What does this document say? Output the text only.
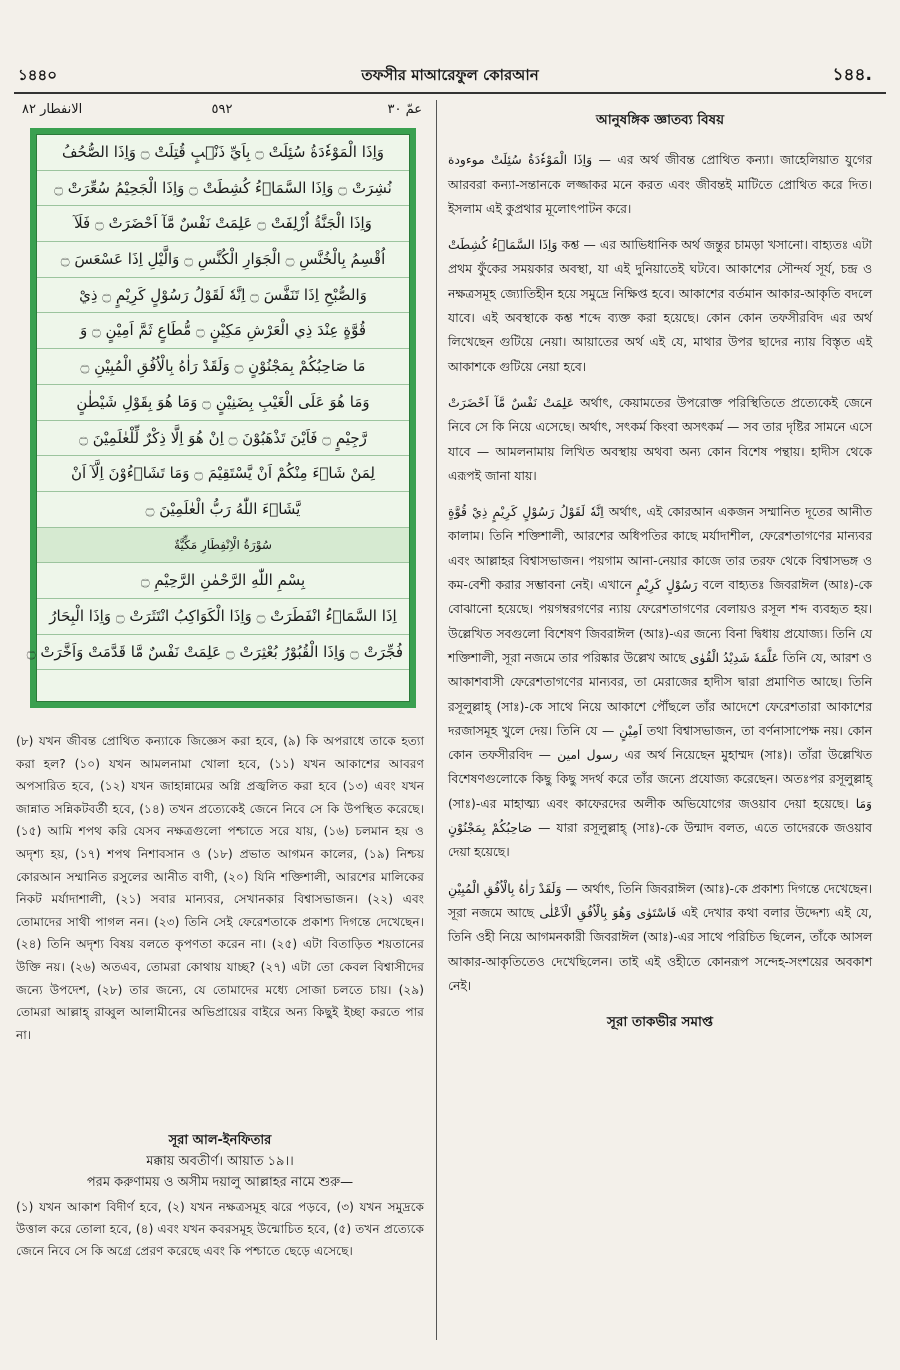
১৪৪০	তফসীর মাআরেফুল কোরআন	১৪৪.
الانفطار ٨٢	٥٩٢	عمّ ٣٠
وَاِذَا الْمَوْءٗدَةُ سُئِلَتْ ۝ بِاَيِّ ذَنْۢبٍ قُتِلَتْ ۝ وَاِذَا الصُّحُفُ
نُشِرَتْ ۝ وَاِذَا السَّمَاۗءُ كُشِطَتْ ۝ وَاِذَا الْجَحِيْمُ سُعِّرَتْ ۝
وَاِذَا الْجَنَّةُ اُزْلِفَتْ ۝ عَلِمَتْ نَفْسٌ مَّآ اَحْضَرَتْ ۝ فَلَآ
اُقْسِمُ بِالْخُنَّسِ ۝ الْجَوَارِ الْكُنَّسِ ۝ وَالَّيْلِ اِذَا عَسْعَسَ ۝
وَالصُّبْحِ اِذَا تَنَفَّسَ ۝ اِنَّهٗ لَقَوْلُ رَسُوْلٍ كَرِيْمٍ ۝ ذِيْ
قُوَّةٍ عِنْدَ ذِي الْعَرْشِ مَكِيْنٍ ۝ مُّطَاعٍ ثَمَّ اَمِيْنٍ ۝ وَ
مَا صَاحِبُكُمْ بِمَجْنُوْنٍ ۝ وَلَقَدْ رَاٰهُ بِالْاُفُقِ الْمُبِيْنِ ۝
وَمَا هُوَ عَلَى الْغَيْبِ بِضَنِيْنٍ ۝ وَمَا هُوَ بِقَوْلِ شَيْطٰنٍ
رَّجِيْمٍ ۝ فَاَيْنَ تَذْهَبُوْنَ ۝ اِنْ هُوَ اِلَّا ذِكْرٌ لِّلْعٰلَمِيْنَ ۝
لِمَنْ شَاۗءَ مِنْكُمْ اَنْ يَّسْتَقِيْمَ ۝ وَمَا تَشَاۗءُوْنَ اِلَّآ اَنْ
يَّشَاۗءَ اللّٰهُ رَبُّ الْعٰلَمِيْنَ ۝
سُوْرَةُ الْاِنْفِطَارِ مَكِّيَّةٌ
بِسْمِ اللّٰهِ الرَّحْمٰنِ الرَّحِيْمِ ۝
اِذَا السَّمَاۗءُ انْفَطَرَتْ ۝ وَاِذَا الْكَوَاكِبُ انْتَثَرَتْ ۝ وَاِذَا الْبِحَارُ
فُجِّرَتْ ۝ وَاِذَا الْقُبُوْرُ بُعْثِرَتْ ۝ عَلِمَتْ نَفْسٌ مَّا قَدَّمَتْ وَاَخَّرَتْ ۝
(৮) যখন জীবন্ত প্রোথিত কন্যাকে জিজ্ঞেস করা হবে, (৯) কি অপরাধে তাকে হত্যা করা হল? (১০) যখন আমলনামা খোলা হবে, (১১) যখন আকাশের আবরণ অপসারিত হবে, (১২) যখন জাহান্নামের অগ্নি প্রজ্বলিত করা হবে (১৩) এবং যখন জান্নাত সন্নিকটবর্তী হবে, (১৪) তখন প্রত্যেকেই জেনে নিবে সে কি উপস্থিত করেছে। (১৫) আমি শপথ করি যেসব নক্ষত্রগুলো পশ্চাতে সরে যায়, (১৬) চলমান হয় ও অদৃশ্য হয়, (১৭) শপথ নিশাবসান ও (১৮) প্রভাত আগমন কালের, (১৯) নিশ্চয় কোরআন সম্মানিত রসুলের আনীত বাণী, (২০) যিনি শক্তিশালী, আরশের মালিকের নিকট মর্যাদাশালী, (২১) সবার মান্যবর, সেখানকার বিশ্বাসভাজন। (২২) এবং তোমাদের সাথী পাগল নন। (২৩) তিনি সেই ফেরেশতাকে প্রকাশ্য দিগন্তে দেখেছেন। (২৪) তিনি অদৃশ্য বিষয় বলতে কৃপণতা করেন না। (২৫) এটা বিতাড়িত শয়তানের উক্তি নয়। (২৬) অতএব, তোমরা কোথায় যাচ্ছ? (২৭) এটা তো কেবল বিশ্বাসীদের জন্যে উপদেশ, (২৮) তার জন্যে, যে তোমাদের মধ্যে সোজা চলতে চায়। (২৯) তোমরা আল্লাহ্ রাব্বুল আলামীনের অভিপ্রায়ের বাইরে অন্য কিছুই ইচ্ছা করতে পার না।
সূরা আল-ইনফিতার
মক্কায় অবতীর্ণ। আয়াত ১৯।।
পরম করুণাময় ও অসীম দয়ালু আল্লাহর নামে শুরু—
(১) যখন আকাশ বিদীর্ণ হবে, (২) যখন নক্ষত্রসমূহ ঝরে পড়বে, (৩) যখন সমুদ্রকে উত্তাল করে তোলা হবে, (৪) এবং যখন কবরসমূহ উন্মোচিত হবে, (৫) তখন প্রত্যেকে জেনে নিবে সে কি অগ্রে প্রেরণ করেছে এবং কি পশ্চাতে ছেড়ে এসেছে।
আনুষঙ্গিক জ্ঞাতব্য বিষয়

وَاِذَا الْمَوْءٗدَةُ سُئِلَتْ موءودة — এর অর্থ জীবন্ত প্রোথিত কন্যা। জাহেলিয়াত যুগের আরবরা কন্যা-সন্তানকে লজ্জাকর মনে করত এবং জীবন্তই মাটিতে প্রোথিত করে দিত। ইসলাম এই কুপ্রথার মূলোৎপাটন করে।

وَاِذَا السَّمَاۗءُ كُشِطَتْ কশ্ত — এর আভিধানিক অর্থ জন্তুর চামড়া খসানো। বাহ্যতঃ এটা প্রথম ফুঁকের সময়কার অবস্থা, যা এই দুনিয়াতেই ঘটবে। আকাশের সৌন্দর্য সূর্য, চন্দ্র ও নক্ষত্রসমূহ জ্যোতিহীন হয়ে সমুদ্রে নিক্ষিপ্ত হবে। আকাশের বর্তমান আকার-আকৃতি বদলে যাবে। এই অবস্থাকে কশ্ত শব্দে ব্যক্ত করা হয়েছে। কোন কোন তফসীরবিদ এর অর্থ লিখেছেন গুটিয়ে নেয়া। আয়াতের অর্থ এই যে, মাথার উপর ছাদের ন্যায় বিস্তৃত এই আকাশকে গুটিয়ে নেয়া হবে।

عَلِمَتْ نَفْسٌ مَّآ اَحْضَرَتْ অর্থাৎ, কেয়ামতের উপরোক্ত পরিস্থিতিতে প্রত্যেকেই জেনে নিবে সে কি নিয়ে এসেছে। অর্থাৎ, সৎকর্ম কিংবা অসৎকর্ম — সব তার দৃষ্টির সামনে এসে যাবে — আমলনামায় লিখিত অবস্থায় অথবা অন্য কোন বিশেষ পন্থায়। হাদীস থেকে এরূপই জানা যায়।

اِنَّهٗ لَقَوْلُ رَسُوْلٍ كَرِيْمٍ ذِيْ قُوَّةٍ অর্থাৎ, এই কোরআন একজন সম্মানিত দূতের আনীত কালাম। তিনি শক্তিশালী, আরশের অধিপতির কাছে মর্যাদাশীল, ফেরেশতাগণের মান্যবর এবং আল্লাহর বিশ্বাসভাজন। পয়গাম আনা-নেয়ার কাজে তার তরফ থেকে বিশ্বাসভঙ্গ ও কম-বেশী করার সম্ভাবনা নেই। এখানে رَسُوْلٍ كَرِيْمٍ বলে বাহ্যতঃ জিবরাঈল (আঃ)-কে বোঝানো হয়েছে। পয়গম্বরগণের ন্যায় ফেরেশতাগণের বেলায়ও রসূল শব্দ ব্যবহৃত হয়। উল্লেখিত সবগুলো বিশেষণ জিবরাঈল (আঃ)-এর জন্যে বিনা দ্বিধায় প্রযোজ্য। তিনি যে শক্তিশালী, সূরা নজমে তার পরিষ্কার উল্লেখ আছে عَلَّمَهٗ شَدِيْدُ الْقُوٰى তিনি যে, আরশ ও আকাশবাসী ফেরেশতাগণের মান্যবর, তা মেরাজের হাদীস দ্বারা প্রমাণিত আছে। তিনি রসূলুল্লাহ্ (সাঃ)-কে সাথে নিয়ে আকাশে পৌঁছলে তাঁর আদেশে ফেরেশতারা আকাশের দরজাসমূহ খুলে দেয়। তিনি যে — اَمِيْنٍ তথা বিশ্বাসভাজন, তা বর্ণনাসাপেক্ষ নয়। কোন কোন তফসীরবিদ — رسول امين এর অর্থ নিয়েছেন মুহাম্মদ (সাঃ)। তাঁরা উল্লেখিত বিশেষণগুলোকে কিছু কিছু সদর্থ করে তাঁর জন্যে প্রযোজ্য করেছেন। অতঃপর রসূলুল্লাহ্ (সাঃ)-এর মাহাত্ম্য এবং কাফেরদের অলীক অভিযোগের জওয়াব দেয়া হয়েছে। وَمَا صَاحِبُكُمْ بِمَجْنُوْنٍ — যারা রসূলুল্লাহ্ (সাঃ)-কে উন্মাদ বলত, এতে তাদেরকে জওয়াব দেয়া হয়েছে।

وَلَقَدْ رَاٰهُ بِالْاُفُقِ الْمُبِيْنِ — অর্থাৎ, তিনি জিবরাঈল (আঃ)-কে প্রকাশ্য দিগন্তে দেখেছেন। সূরা নজমে আছে فَاسْتَوٰى وَهُوَ بِالْاُفُقِ الْاَعْلٰى এই দেখার কথা বলার উদ্দেশ্য এই যে, তিনি ওহী নিয়ে আগমনকারী জিবরাঈল (আঃ)-এর সাথে পরিচিত ছিলেন, তাঁকে আসল আকার-আকৃতিতেও দেখেছিলেন। তাই এই ওহীতে কোনরূপ সন্দেহ-সংশয়ের অবকাশ নেই।

সূরা তাকভীর সমাপ্ত
